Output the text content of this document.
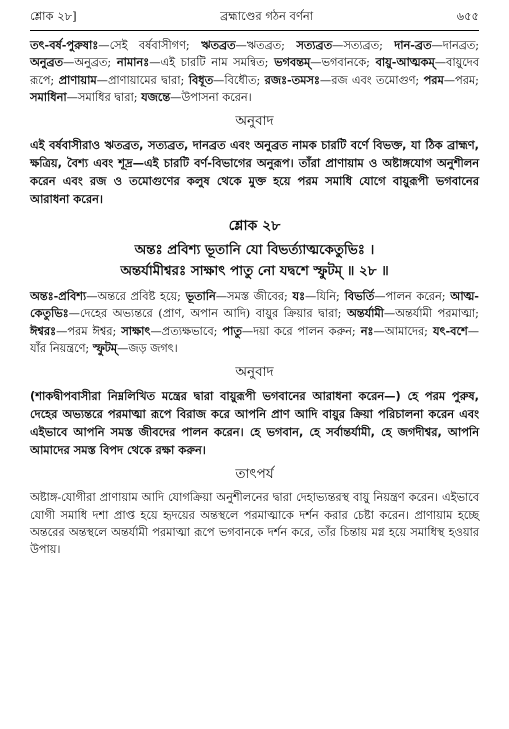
শ্লোক ২৮]	ব্রহ্মাণ্ডের গঠন বর্ণনা	৬৫৫

তৎ-বর্ষ-পুরুষাঃ—সেই বর্ষবাসীগণ; ঋতব্রত—ঋতব্রত; সত্যব্রত—সত্যব্রত; দান-ব্রত—দানব্রত; অনুব্রত—অনুব্রত; নামানঃ—এই চারটি নাম সমন্বিত; ভগবন্তম্—ভগবানকে; বায়ু-আত্মকম্—বায়ুদেব রূপে; প্রাণায়াম—প্রাণায়ামের দ্বারা; বিধূত—বিধৌত; রজঃ-তমসঃ—রজ এবং তমোগুণ; পরম—পরম; সমাধিনা—সমাধির দ্বারা; যজন্তে—উপাসনা করেন।

অনুবাদ

এই বর্ষবাসীরাও ঋতব্রত, সত্যব্রত, দানব্রত এবং অনুব্রত নামক চারটি বর্ণে বিভক্ত, যা ঠিক ব্রাহ্মণ, ক্ষত্রিয়, বৈশ্য এবং শূদ্র—এই চারটি বর্ণ-বিভাগের অনুরূপ। তাঁরা প্রাণায়াম ও অষ্টাঙ্গযোগ অনুশীলন করেন এবং রজ ও তমোগুণের কলুষ থেকে মুক্ত হয়ে পরম সমাধি যোগে বায়ুরূপী ভগবানের আরাধনা করেন।

শ্লোক ২৮

অন্তঃ প্রবিশ্য ভূতানি যো বিভর্ত্যাত্মকেতুভিঃ ।

অন্তর্যামীশ্বরঃ সাক্ষাৎ পাতু নো যদ্বশে স্ফুটম্ ॥ ২৮ ॥

অন্তঃ-প্রবিশ্য—অন্তরে প্রবিষ্ট হয়ে; ভূতানি—সমস্ত জীবের; যঃ—যিনি; বিভর্তি—পালন করেন; আত্ম-কেতুভিঃ—দেহের অভ্যন্তরে (প্রাণ, অপান আদি) বায়ুর ক্রিয়ার দ্বারা; অন্তর্যামী—অন্তর্যামী পরমাত্মা; ঈশ্বরঃ—পরম ঈশ্বর; সাক্ষাৎ—প্রত্যক্ষভাবে; পাতু—দয়া করে পালন করুন; নঃ—আমাদের; যৎ-বশে—যাঁর নিয়ন্ত্রণে; স্ফুটম্—জড় জগৎ।

অনুবাদ

(শাকদ্বীপবাসীরা নিম্নলিখিত মন্ত্রের দ্বারা বায়ুরূপী ভগবানের আরাধনা করেন—) হে পরম পুরুষ, দেহের অভ্যন্তরে পরমাত্মা রূপে বিরাজ করে আপনি প্রাণ আদি বায়ুর ক্রিয়া পরিচালনা করেন এবং এইভাবে আপনি সমস্ত জীবদের পালন করেন। হে ভগবান, হে সর্বান্তর্যামী, হে জগদীশ্বর, আপনি আমাদের সমস্ত বিপদ থেকে রক্ষা করুন।

তাৎপর্য

অষ্টাঙ্গ-যোগীরা প্রাণায়াম আদি যোগক্রিয়া অনুশীলনের দ্বারা দেহাভ্যন্তরস্থ বায়ু নিয়ন্ত্রণ করেন। এইভাবে যোগী সমাধি দশা প্রাপ্ত হয়ে হৃদয়ের অন্তস্থলে পরমাত্মাকে দর্শন করার চেষ্টা করেন। প্রাণায়াম হচ্ছে অন্তরের অন্তস্থলে অন্তর্যামী পরমাত্মা রূপে ভগবানকে দর্শন করে, তাঁর চিন্তায় মগ্ন হয়ে সমাধিস্থ হওয়ার উপায়।
